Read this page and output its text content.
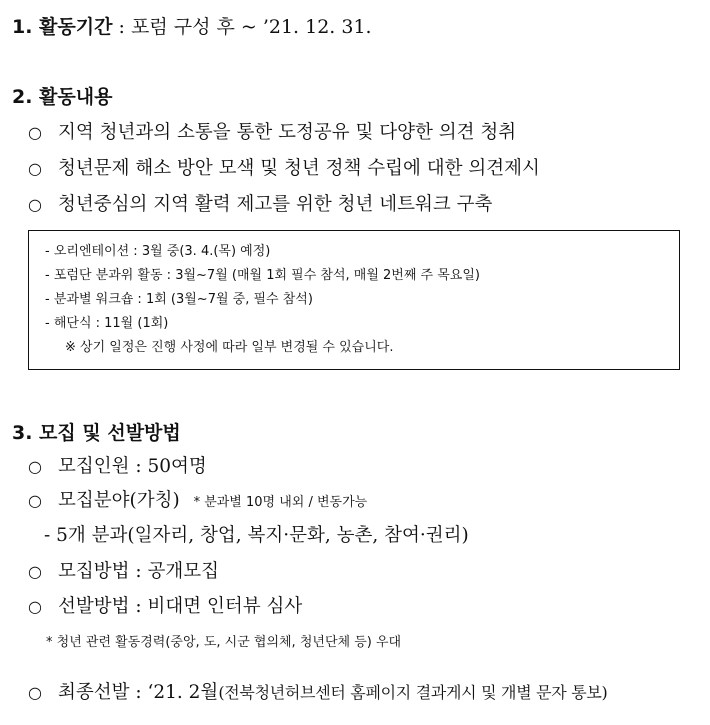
1. 활동기간 : 포럼 구성 후 ~ ’21. 12. 31.
2. 활동내용
○ 지역 청년과의 소통을 통한 도정공유 및 다양한 의견 청취
○ 청년문제 해소 방안 모색 및 청년 정책 수립에 대한 의견제시
○ 청년중심의 지역 활력 제고를 위한 청년 네트워크 구축
- 오리엔테이션 : 3월 중(3. 4.(목) 예정)
- 포럼단 분과위 활동 : 3월~7월 (매월 1회 필수 참석, 매월 2번째 주 목요일)
- 분과별 워크숍 : 1회 (3월~7월 중, 필수 참석)
- 해단식 : 11월 (1회)
※ 상기 일정은 진행 사정에 따라 일부 변경될 수 있습니다.
3. 모집 및 선발방법
○ 모집인원 : 50여명
○ 모집분야(가칭) * 분과별 10명 내외 / 변동가능
- 5개 분과(일자리, 창업, 복지·문화, 농촌, 참여·권리)
○ 모집방법 : 공개모집
○ 선발방법 : 비대면 인터뷰 심사
* 청년 관련 활동경력(중앙, 도, 시군 협의체, 청년단체 등) 우대
○ 최종선발 : ‘21. 2월(전북청년허브센터 홈페이지 결과게시 및 개별 문자 통보)
